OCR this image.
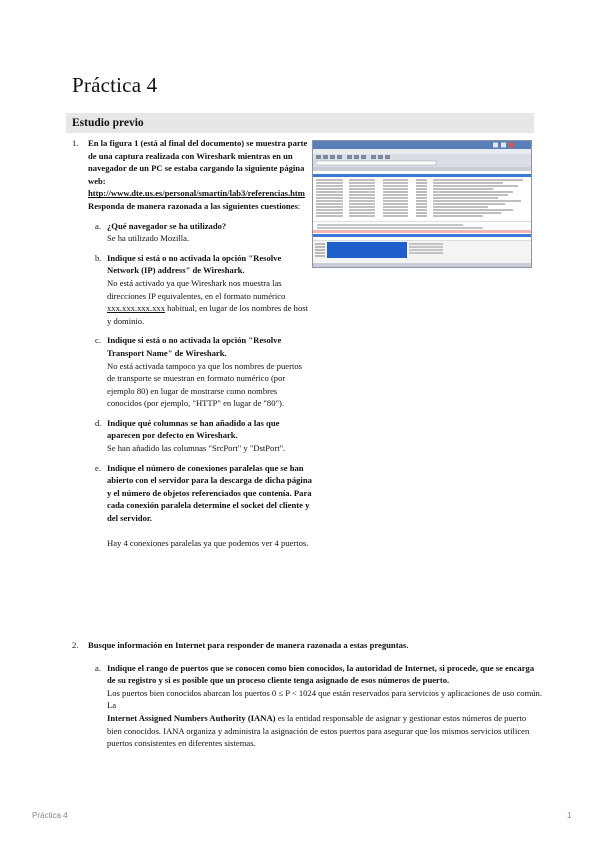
Práctica 4
Estudio previo
1. En la figura 1 (está al final del documento) se muestra parte de una captura realizada con Wireshark mientras en un navegador de un PC se estaba cargando la siguiente página web:
http://www.dte.us.es/personal/smartin/lab3/referencias.htm
Responda de manera razonada a las siguientes cuestiones:
a. ¿Qué navegador se ha utilizado?
Se ha utilizado Mozilla.
b. Indique si está o no activada la opción "Resolve Network (IP) address" de Wireshark.
No está activado ya que Wireshark nos muestra las direcciones IP equivalentes, en el formato numérico xxx.xxx.xxx.xxx habitual, en lugar de los nombres de host y dominio.
c. Indique si está o no activada la opción "Resolve Transport Name" de Wireshark.
No está activada tampoco ya que los nombres de puertos de transporte se muestran en formato numérico (por ejemplo 80) en lugar de mostrarse como nombres conocidos (por ejemplo, "HTTP" en lugar de "80").
d. Indique qué columnas se han añadido a las que aparecen por defecto en Wireshark.
Se han añadido las columnas "SrcPort" y "DstPort".
e. Indique el número de conexiones paralelas que se han abierto con el servidor para la descarga de dicha página y el número de objetos referenciados que contenía. Para cada conexión paralela determine el socket del cliente y del servidor.
Hay 4 conexiones paralelas ya que podemos ver 4 puertos.
2. Busque información en Internet para responder de manera razonada a estas preguntas.
a. Indique el rango de puertos que se conocen como bien conocidos, la autoridad de Internet, si procede, que se encarga de su registro y si es posible que un proceso cliente tenga asignado de esos números de puerto.
Los puertos bien conocidos abarcan los puertos 0 ≤ P < 1024 que están reservados para servicios y aplicaciones de uso común.
La
Internet Assigned Numbers Authority (IANA) es la entidad responsable de asignar y gestionar estos números de puerto bien conocidos. IANA organiza y administra la asignación de estos puertos para asegurar que los mismos servicios utilicen puertos consistentes en diferentes sistemas.
Práctica 4	1
